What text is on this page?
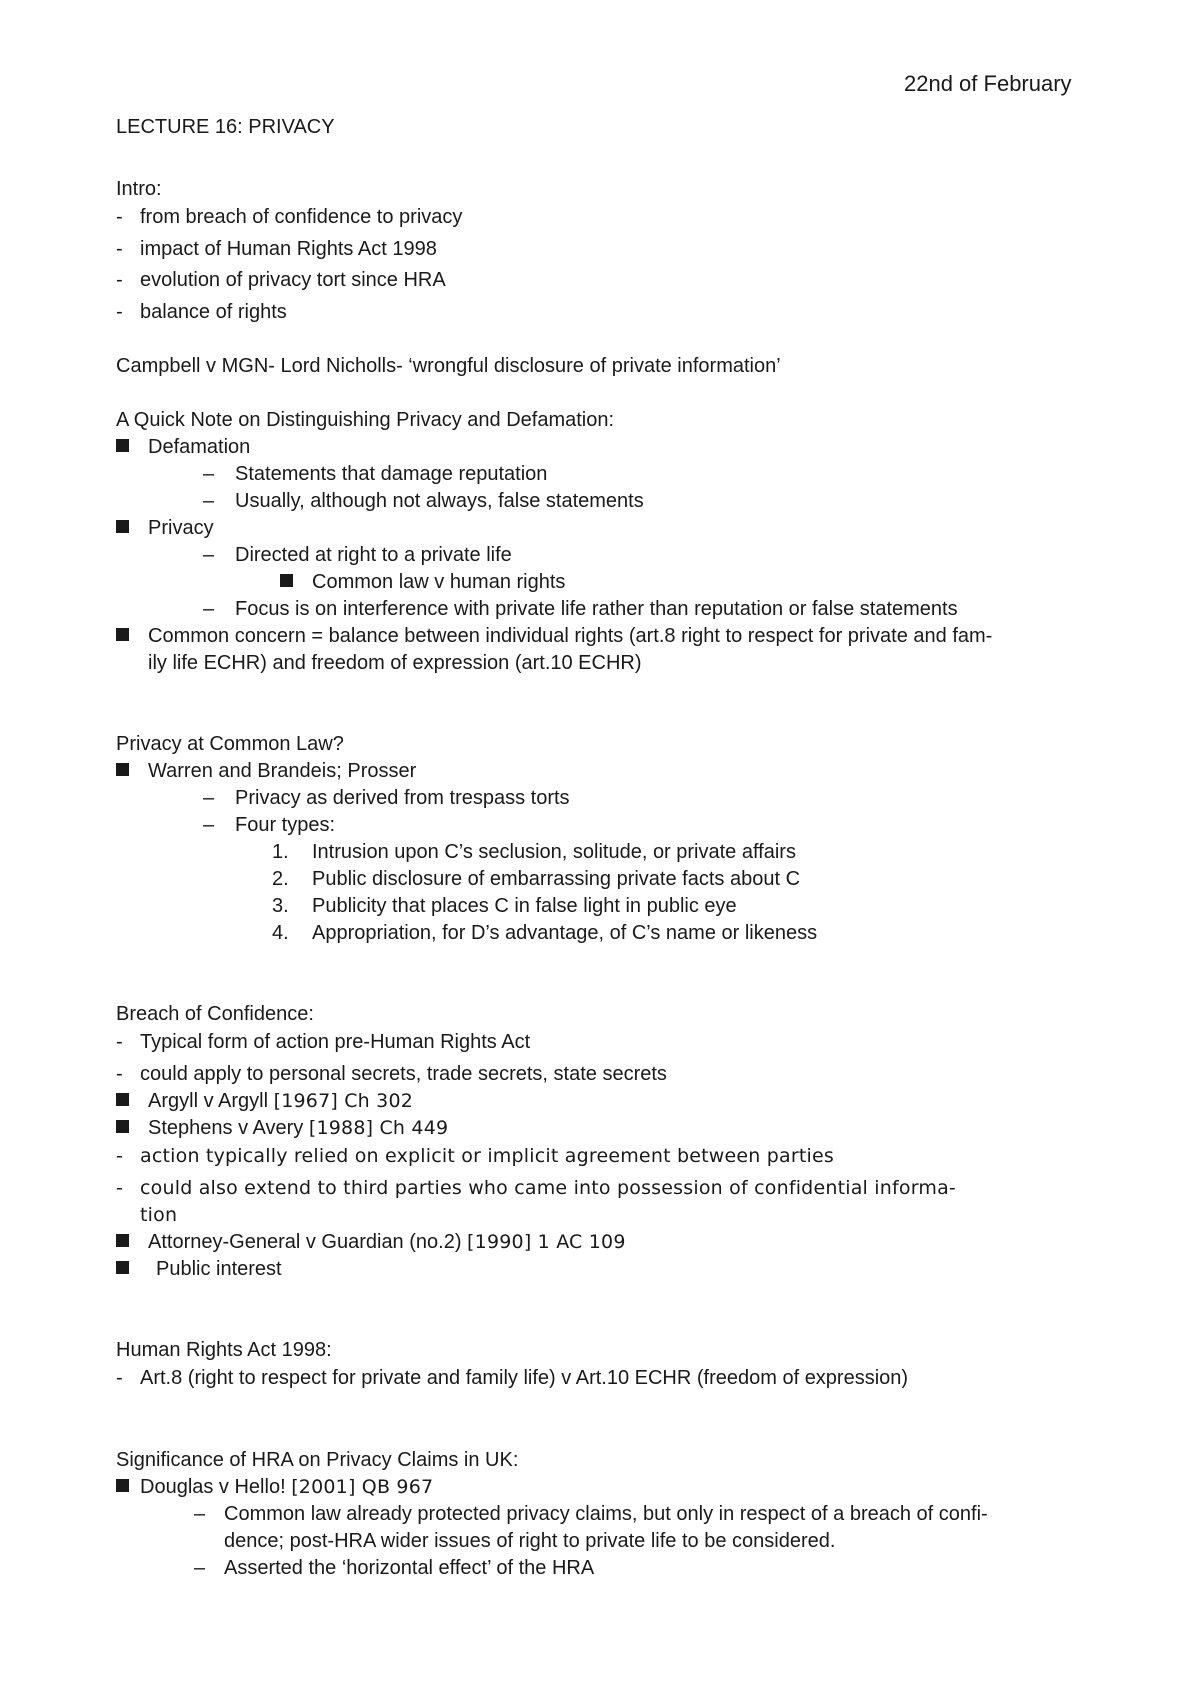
22nd of February
LECTURE 16: PRIVACY
Intro:
- from breach of confidence to privacy
- impact of Human Rights Act 1998
- evolution of privacy tort since HRA
- balance of rights
Campbell v MGN- Lord Nicholls- ‘wrongful disclosure of private information’
A Quick Note on Distinguishing Privacy and Defamation:
Defamation
– Statements that damage reputation
– Usually, although not always, false statements
Privacy
– Directed at right to a private life
Common law v human rights
– Focus is on interference with private life rather than reputation or false statements
Common concern = balance between individual rights (art.8 right to respect for private and fam-
ily life ECHR) and freedom of expression (art.10 ECHR)
Privacy at Common Law?
Warren and Brandeis; Prosser
– Privacy as derived from trespass torts
– Four types:
1. Intrusion upon C’s seclusion, solitude, or private affairs
2. Public disclosure of embarrassing private facts about C
3. Publicity that places C in false light in public eye
4. Appropriation, for D’s advantage, of C’s name or likeness
Breach of Confidence:
- Typical form of action pre-Human Rights Act
- could apply to personal secrets, trade secrets, state secrets
Argyll v Argyll [1967] Ch 302
Stephens v Avery [1988] Ch 449
- action typically relied on explicit or implicit agreement between parties
- could also extend to third parties who came into possession of confidential informa-
tion
Attorney-General v Guardian (no.2) [1990] 1 AC 109
Public interest
Human Rights Act 1998:
- Art.8 (right to respect for private and family life) v Art.10 ECHR (freedom of expression)
Significance of HRA on Privacy Claims in UK:
Douglas v Hello! [2001] QB 967
– Common law already protected privacy claims, but only in respect of a breach of confi-
dence; post-HRA wider issues of right to private life to be considered.
– Asserted the ‘horizontal effect’ of the HRA
